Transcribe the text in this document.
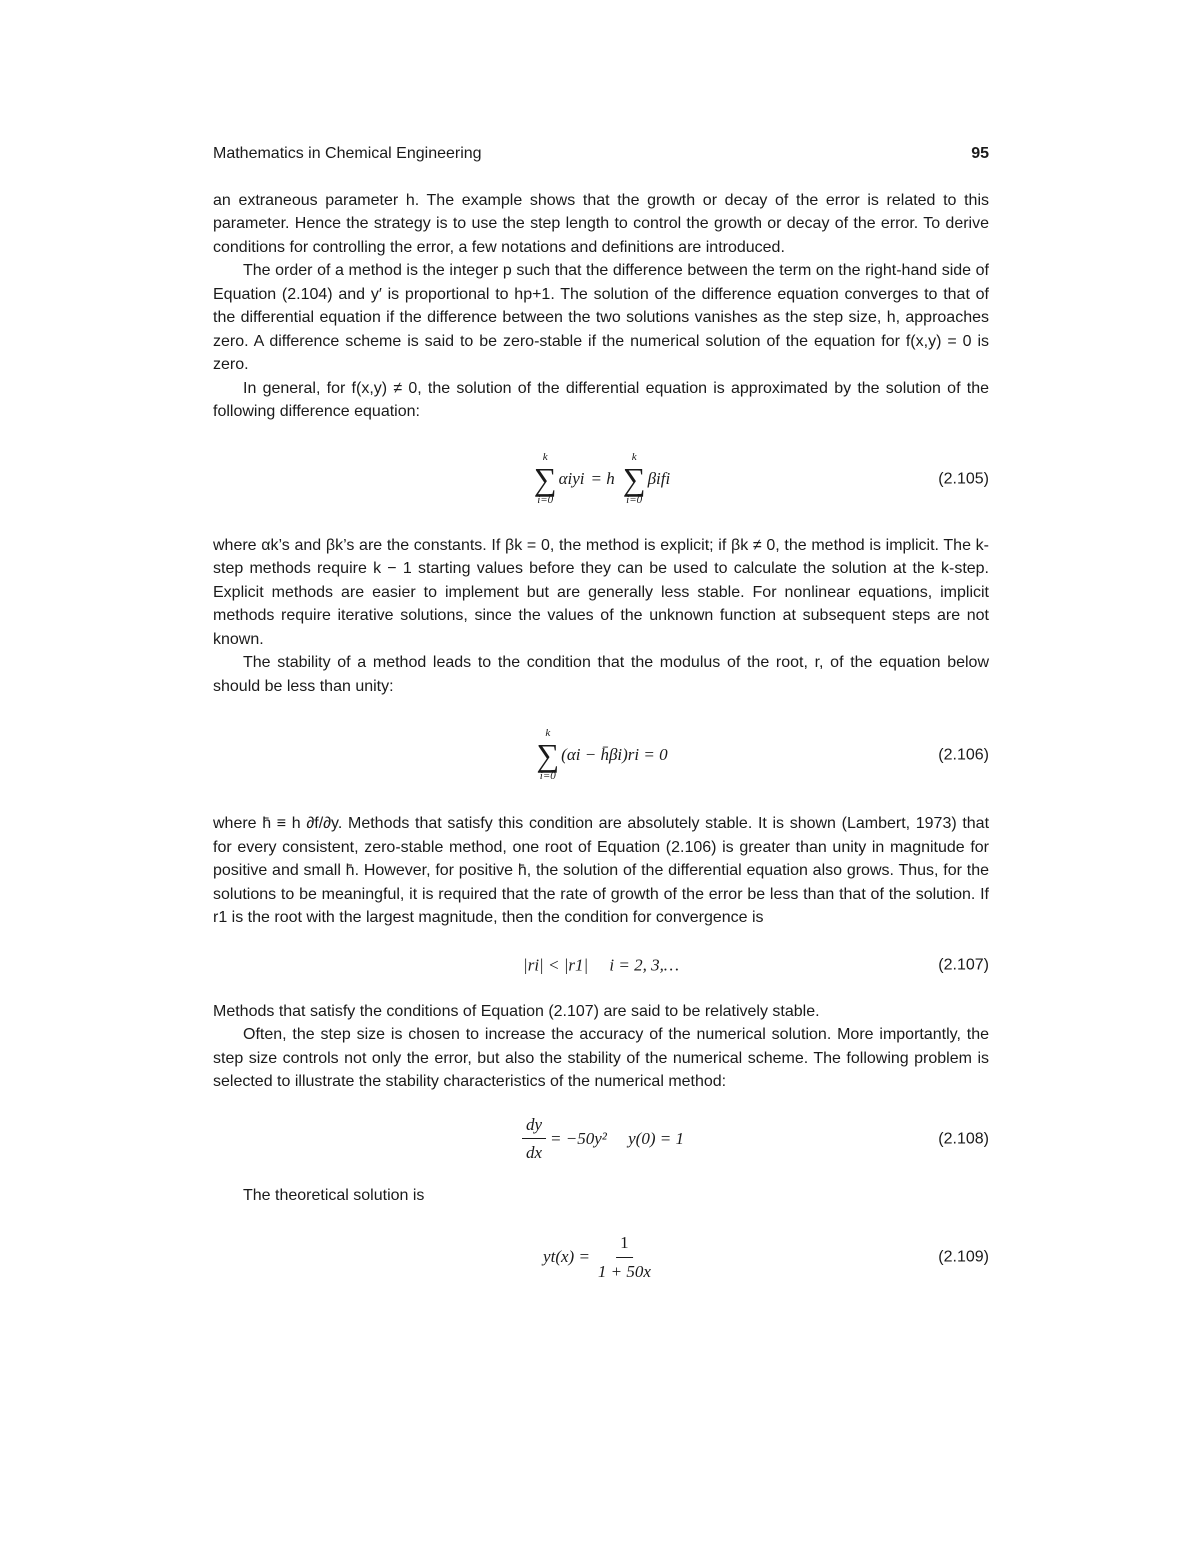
Mathematics in Chemical Engineering	95

an extraneous parameter h. The example shows that the growth or decay of the error is related to this parameter. Hence the strategy is to use the step length to control the growth or decay of the error. To derive conditions for controlling the error, a few notations and definitions are introduced.

The order of a method is the integer p such that the difference between the term on the right-hand side of Equation (2.104) and y′ is proportional to hp+1. The solution of the difference equation converges to that of the differential equation if the difference between the two solutions vanishes as the step size, h, approaches zero. A difference scheme is said to be zero-stable if the numerical solution of the equation for f(x,y) = 0 is zero.

In general, for f(x,y) ≠ 0, the solution of the differential equation is approximated by the solution of the following difference equation:

k
∑
i=0
αiyi = h
k
∑
i=0
βifi	(2.105)

where αk’s and βk’s are the constants. If βk = 0, the method is explicit; if βk ≠ 0, the method is implicit. The k-step methods require k − 1 starting values before they can be used to calculate the solution at the k-step. Explicit methods are easier to implement but are generally less stable. For nonlinear equations, implicit methods require iterative solutions, since the values of the unknown function at subsequent steps are not known.

The stability of a method leads to the condition that the modulus of the root, r, of the equation below should be less than unity:

k
∑
i=0
(αi − h̄βi)ri = 0	(2.106)

where h̄ ≡ h ∂f/∂y. Methods that satisfy this condition are absolutely stable. It is shown (Lambert, 1973) that for every consistent, zero-stable method, one root of Equation (2.106) is greater than unity in magnitude for positive and small h̄. However, for positive h̄, the solution of the differential equation also grows. Thus, for the solutions to be meaningful, it is required that the rate of growth of the error be less than that of the solution. If r1 is the root with the largest magnitude, then the condition for convergence is

|ri| < |r1|     i = 2, 3,…	(2.107)

Methods that satisfy the conditions of Equation (2.107) are said to be relatively stable.

Often, the step size is chosen to increase the accuracy of the numerical solution. More importantly, the step size controls not only the error, but also the stability of the numerical scheme. The following problem is selected to illustrate the stability characteristics of the numerical method:

$\frac{dy}{dx} = -50y^2$     y(0) = 1	(2.108)

The theoretical solution is

$yt(x) = \frac{1}{1 + 50x}$	(2.109)
